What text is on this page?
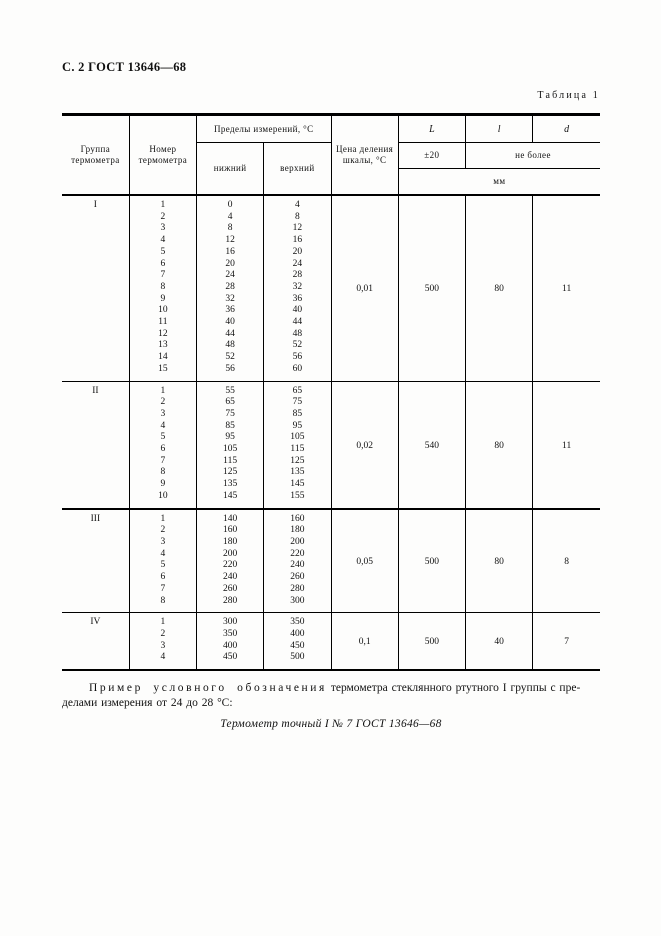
С. 2 ГОСТ 13646—68
Таблица 1
Группа термометра	Номер термометра	Пределы измерений, °С		Цена деления шкалы, °С	L	l	d
		нижний	верхний		±20	не более	
					мм		
I	1	0	4	0,01	500	80	11
	2	4	8				
	3	8	12				
	4	12	16				
	5	16	20				
	6	20	24				
	7	24	28				
	8	28	32				
	9	32	36				
	10	36	40				
	11	40	44				
	12	44	48				
	13	48	52				
	14	52	56				
	15	56	60				
II	1	55	65	0,02	540	80	11
	2	65	75				
	3	75	85				
	4	85	95				
	5	95	105				
	6	105	115				
	7	115	125				
	8	125	135				
	9	135	145				
	10	145	155				
III	1	140	160	0,05	500	80	8
	2	160	180				
	3	180	200				
	4	200	220				
	5	220	240				
	6	240	260				
	7	260	280				
	8	280	300				
IV	1	300	350	0,1	500	40	7
	2	350	400				
	3	400	450				
	4	450	500				
Пример условного обозначения термометра стеклянного ртутного I группы с пре-
делами измерения от 24 до 28 °С:
Термометр точный I № 7 ГОСТ 13646—68
